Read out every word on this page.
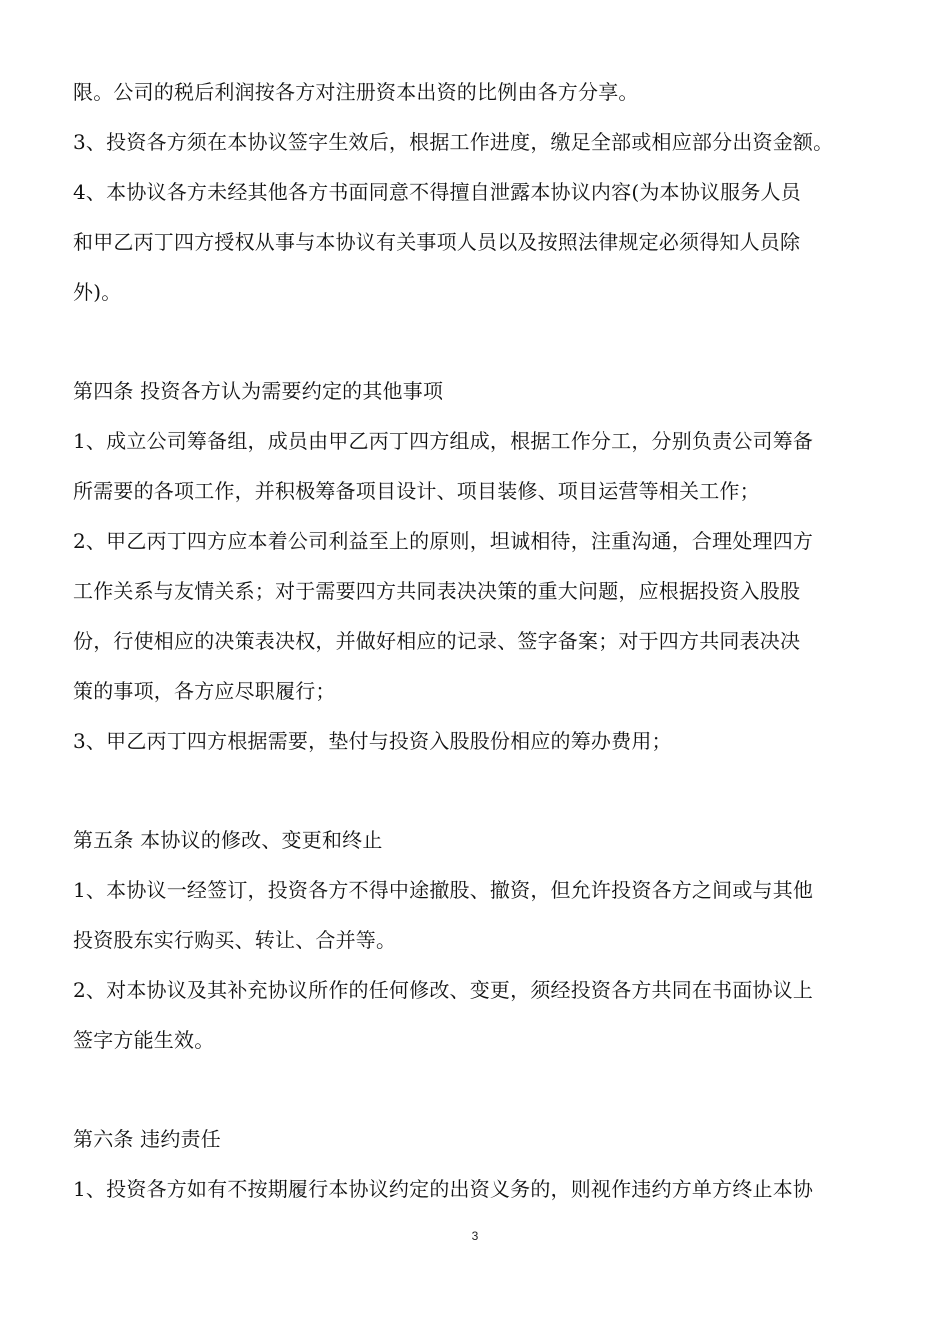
限。公司的税后利润按各方对注册资本出资的比例由各方分享。
3、投资各方须在本协议签字生效后，根据工作进度，缴足全部或相应部分出资金额。
4、本协议各方未经其他各方书面同意不得擅自泄露本协议内容(为本协议服务人员
和甲乙丙丁四方授权从事与本协议有关事项人员以及按照法律规定必须得知人员除
外)。
第四条 投资各方认为需要约定的其他事项
1、成立公司筹备组，成员由甲乙丙丁四方组成，根据工作分工，分别负责公司筹备
所需要的各项工作，并积极筹备项目设计、项目装修、项目运营等相关工作；
2、甲乙丙丁四方应本着公司利益至上的原则，坦诚相待，注重沟通，合理处理四方
工作关系与友情关系；对于需要四方共同表决决策的重大问题，应根据投资入股股
份，行使相应的决策表决权，并做好相应的记录、签字备案；对于四方共同表决决
策的事项，各方应尽职履行；
3、甲乙丙丁四方根据需要，垫付与投资入股股份相应的筹办费用；
第五条 本协议的修改、变更和终止
1、本协议一经签订，投资各方不得中途撤股、撤资，但允许投资各方之间或与其他
投资股东实行购买、转让、合并等。
2、对本协议及其补充协议所作的任何修改、变更，须经投资各方共同在书面协议上
签字方能生效。
第六条 违约责任
1、投资各方如有不按期履行本协议约定的出资义务的，则视作违约方单方终止本协
3
